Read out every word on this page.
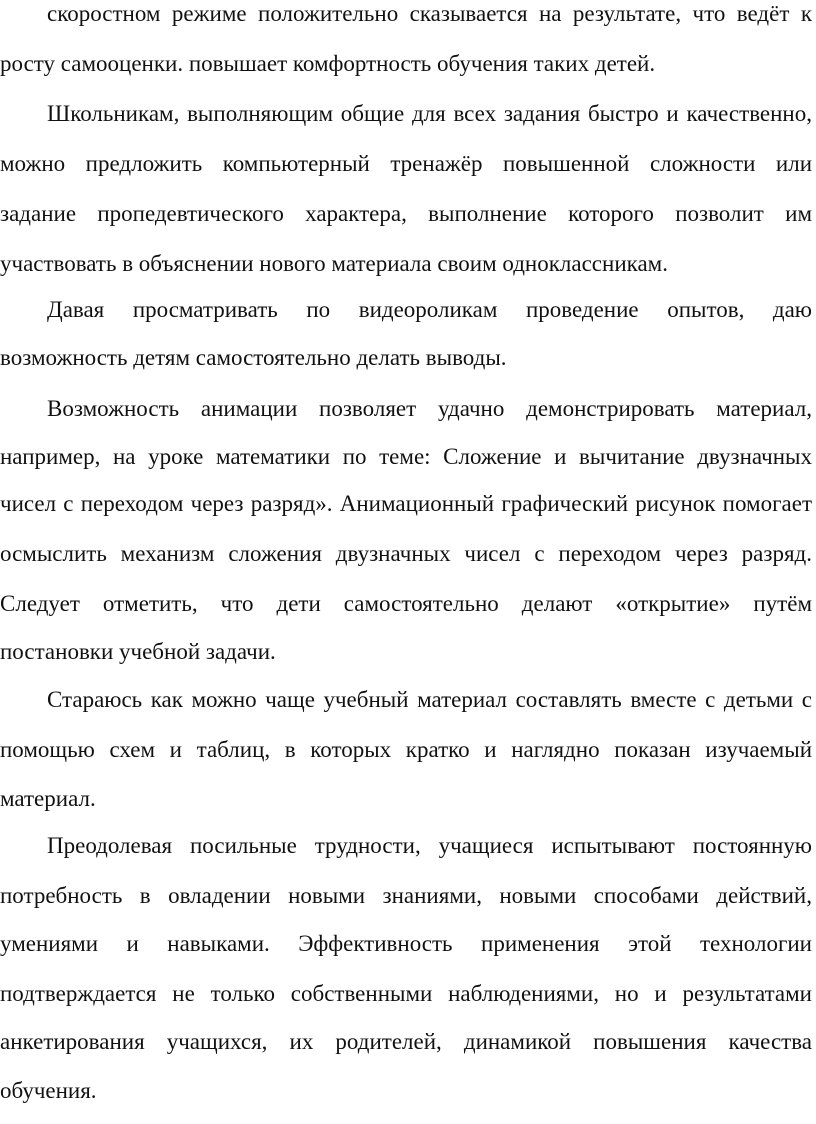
скоростном режиме положительно сказывается на результате, что ведёт к
росту самооценки. повышает комфортность обучения таких детей.
Школьникам, выполняющим общие для всех задания быстро и качественно,
можно предложить компьютерный тренажёр повышенной сложности или
задание пропедевтического характера, выполнение которого позволит им
участвовать в объяснении нового материала своим одноклассникам.
Давая просматривать по видеороликам проведение опытов, даю
возможность детям самостоятельно делать выводы.
Возможность анимации позволяет удачно демонстрировать материал,
например, на уроке математики по теме: Сложение и вычитание двузначных
чисел с переходом через разряд». Анимационный графический рисунок помогает
осмыслить механизм сложения двузначных чисел с переходом через разряд.
Следует отметить, что дети самостоятельно делают «открытие» путём
постановки учебной задачи.
Стараюсь как можно чаще учебный материал составлять вместе с детьми с
помощью схем и таблиц, в которых кратко и наглядно показан изучаемый
материал.
Преодолевая посильные трудности, учащиеся испытывают постоянную
потребность в овладении новыми знаниями, новыми способами действий,
умениями и навыками. Эффективность применения этой технологии
подтверждается не только собственными наблюдениями, но и результатами
анкетирования учащихся, их родителей, динамикой повышения качества
обучения.
